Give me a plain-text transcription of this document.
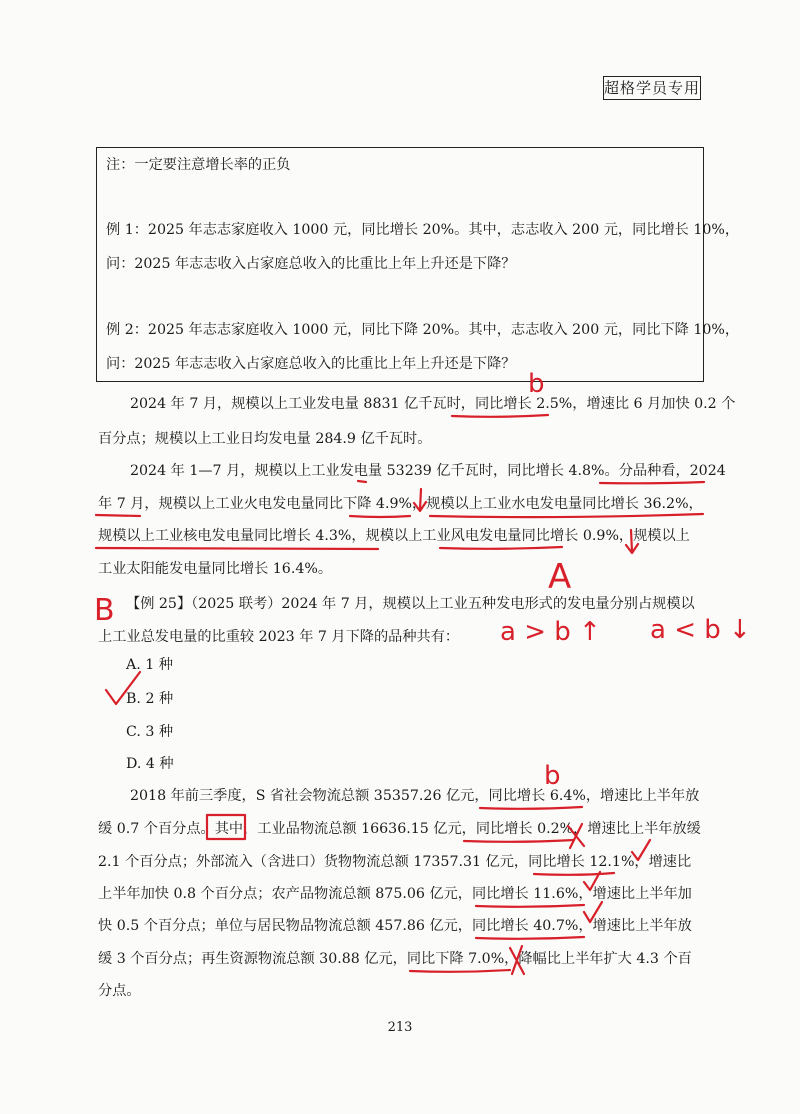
超格学员专用
注：一定要注意增长率的正负
例 1：2025 年志志家庭收入 1000 元，同比增长 20%。其中，志志收入 200 元，同比增长 10%，
问：2025 年志志收入占家庭总收入的比重比上年上升还是下降？
例 2：2025 年志志家庭收入 1000 元，同比下降 20%。其中，志志收入 200 元，同比下降 10%，
问：2025 年志志收入占家庭总收入的比重比上年上升还是下降？
2024 年 7 月，规模以上工业发电量 8831 亿千瓦时，同比增长 2.5%，增速比 6 月加快 0.2 个
百分点；规模以上工业日均发电量 284.9 亿千瓦时。
2024 年 1—7 月，规模以上工业发电量 53239 亿千瓦时，同比增长 4.8%。分品种看，2024
年 7 月，规模以上工业火电发电量同比下降 4.9%，规模以上工业水电发电量同比增长 36.2%，
规模以上工业核电发电量同比增长 4.3%，规模以上工业风电发电量同比增长 0.9%，规模以上
工业太阳能发电量同比增长 16.4%。
【例 25】（2025 联考）2024 年 7 月，规模以上工业五种发电形式的发电量分别占规模以
上工业总发电量的比重较 2023 年 7 月下降的品种共有：
A. 1 种
B. 2 种
C. 3 种
D. 4 种
2018 年前三季度，S 省社会物流总额 35357.26 亿元，同比增长 6.4%，增速比上半年放
缓 0.7 个百分点。其中，工业品物流总额 16636.15 亿元，同比增长 0.2%，增速比上半年放缓
2.1 个百分点；外部流入（含进口）货物物流总额 17357.31 亿元，同比增长 12.1%，增速比
上半年加快 0.8 个百分点；农产品物流总额 875.06 亿元，同比增长 11.6%，增速比上半年加
快 0.5 个百分点；单位与居民物品物流总额 457.86 亿元，同比增长 40.7%，增速比上半年放
缓 3 个百分点；再生资源物流总额 30.88 亿元，同比下降 7.0%，降幅比上半年扩大 4.3 个百
分点。
213
b
A
a > b ↑ a < b ↓
B
b
